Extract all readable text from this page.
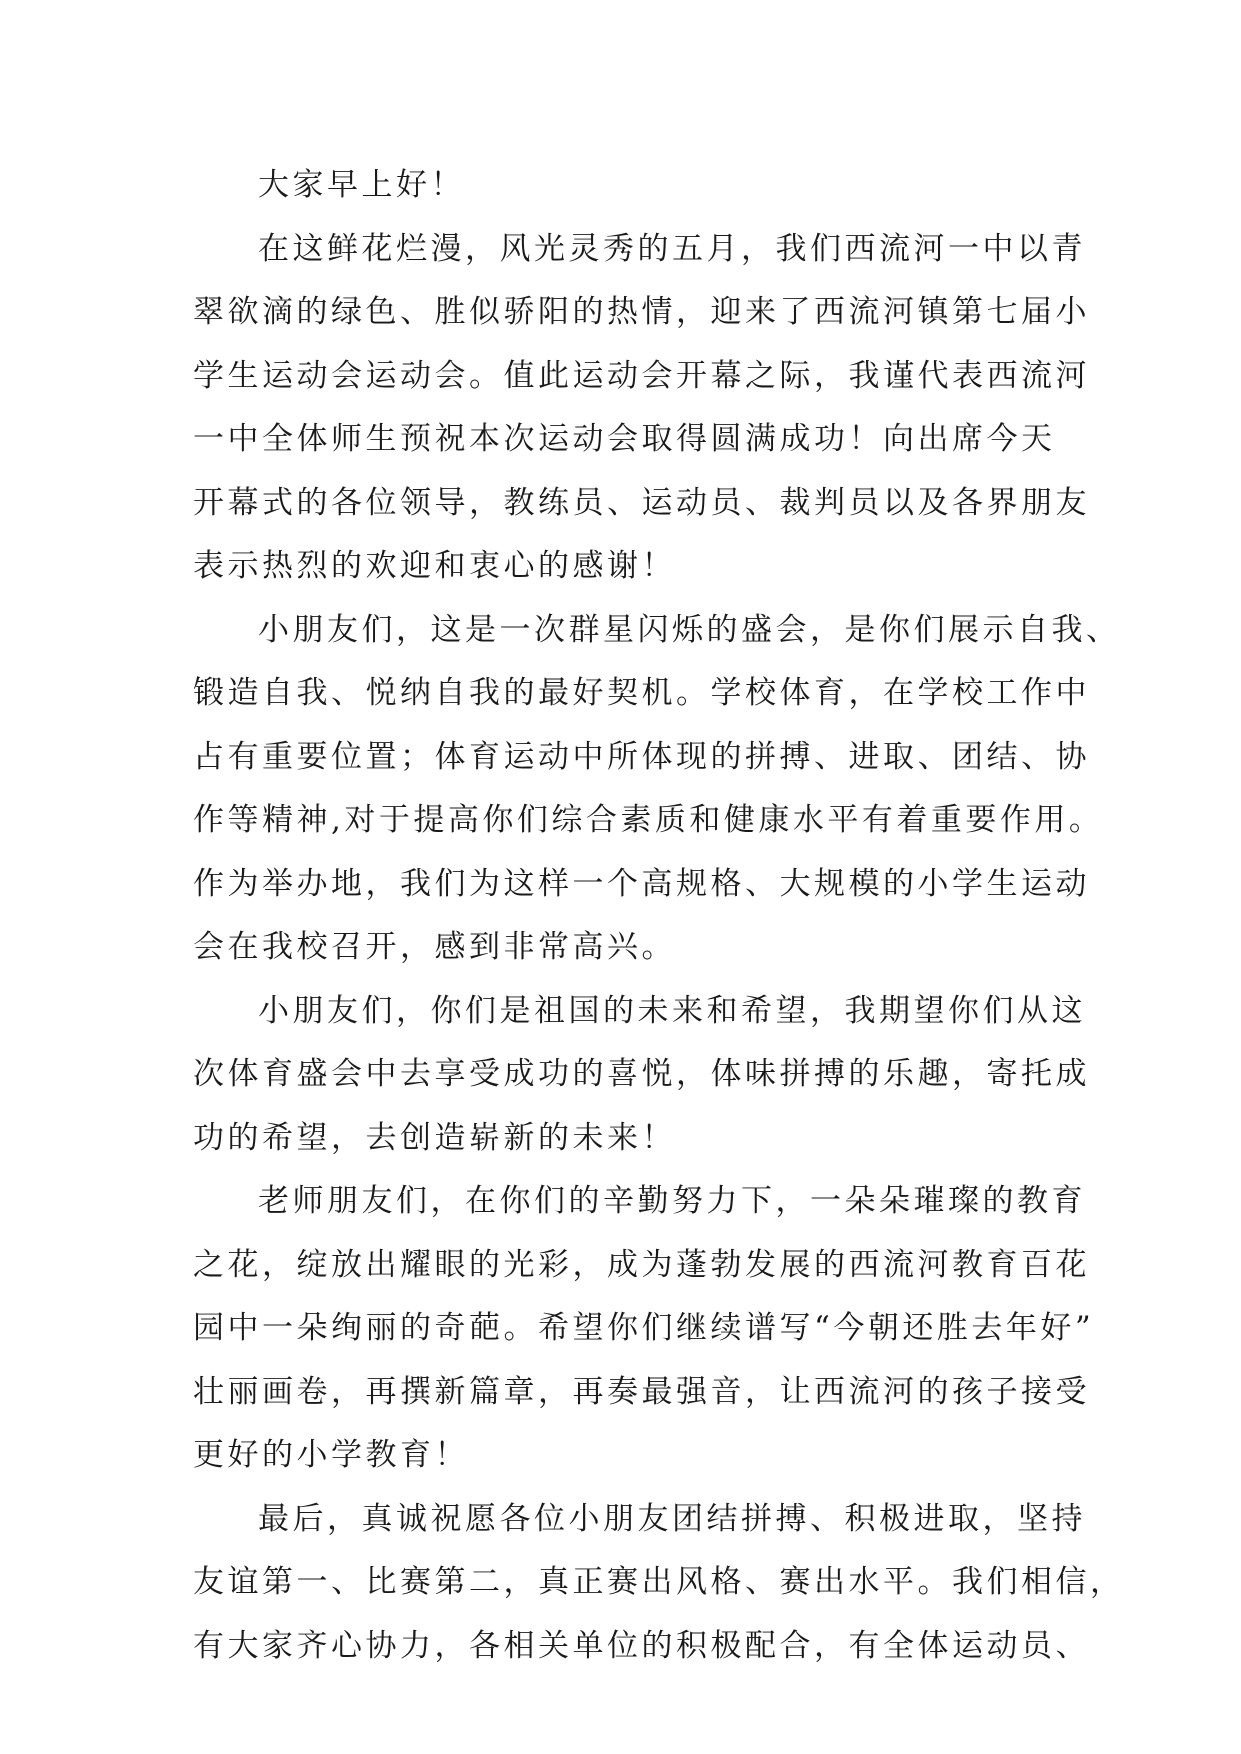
大家早上好！
在这鲜花烂漫，风光灵秀的五月，我们西流河一中以青
翠欲滴的绿色、胜似骄阳的热情，迎来了西流河镇第七届小
学生运动会运动会。值此运动会开幕之际，我谨代表西流河
一中全体师生预祝本次运动会取得圆满成功！向出席今天
开幕式的各位领导，教练员、运动员、裁判员以及各界朋友
表示热烈的欢迎和衷心的感谢！
小朋友们，这是一次群星闪烁的盛会，是你们展示自我、
锻造自我、悦纳自我的最好契机。学校体育，在学校工作中
占有重要位置；体育运动中所体现的拼搏、进取、团结、协
作等精神,对于提高你们综合素质和健康水平有着重要作用。
作为举办地，我们为这样一个高规格、大规模的小学生运动
会在我校召开，感到非常高兴。
小朋友们，你们是祖国的未来和希望，我期望你们从这
次体育盛会中去享受成功的喜悦，体味拼搏的乐趣，寄托成
功的希望，去创造崭新的未来！
老师朋友们，在你们的辛勤努力下，一朵朵璀璨的教育
之花，绽放出耀眼的光彩，成为蓬勃发展的西流河教育百花
园中一朵绚丽的奇葩。希望你们继续谱写“今朝还胜去年好”
壮丽画卷，再撰新篇章，再奏最强音，让西流河的孩子接受
更好的小学教育！
最后，真诚祝愿各位小朋友团结拼搏、积极进取，坚持
友谊第一、比赛第二，真正赛出风格、赛出水平。我们相信，
有大家齐心协力，各相关单位的积极配合，有全体运动员、
